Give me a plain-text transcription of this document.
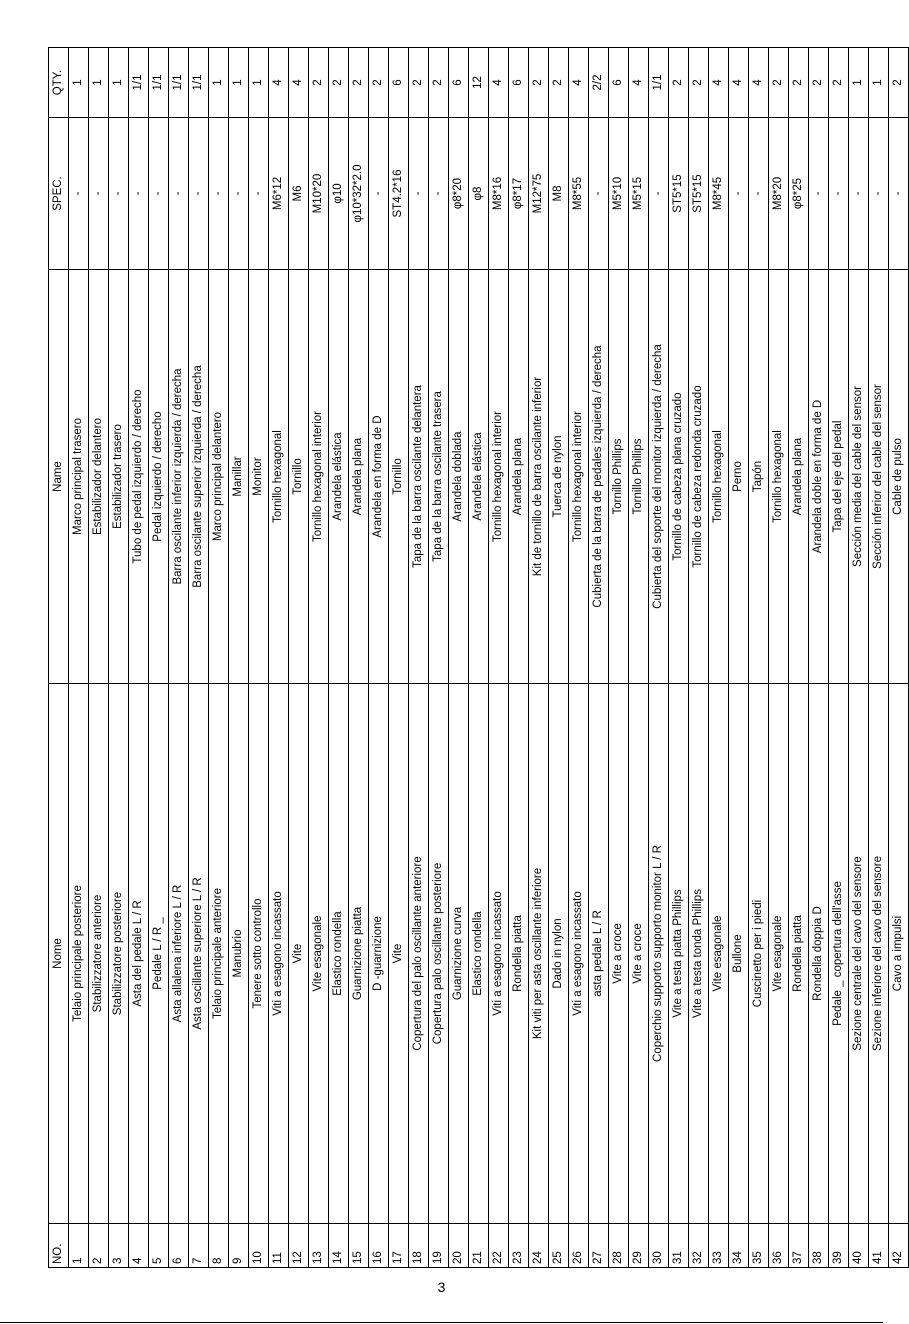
NO.	Nome	Name	SPEC.	QTY.
1	Telaio principale posteriore	Marco principal trasero	-	1
2	Stabilizzatore anteriore	Estabilizador delantero	-	1
3	Stabilizzatore posteriore	Estabilizador trasero	-	1
4	Asta del pedale L / R	Tubo de pedal izquierdo / derecho	-	1/1
5	Pedale L / R _	Pedal izquierdo / derecho	-	1/1
6	Asta allalena inferiore L / R	Barra oscilante inferior izquierda / derecha	-	1/1
7	Asta oscillante superiore L / R	Barra oscilante superior izquierda / derecha	-	1/1
8	Telaio principale anteriore	Marco principal delantero	-	1
9	Manubrio	Manillar	-	1
10	Tenere sotto controllo	Monitor	-	1
11	Viti a esagono incassato	Tornillo hexagonal	M6*12	4
12	Vite	Tornillo	M6	4
13	Vite esagonale	Tornillo hexagonal interior	M10*20	2
14	Elastico rondella	Arandela elástica	φ10	2
15	Guarnizione piatta	Arandela plana	φ10*32*2.0	2
16	D -guarnizione	Arandela en forma de D	-	2
17	Vite	Tornillo	ST4.2*16	6
18	Copertura del palo oscillante anteriore	Tapa de la barra oscilante delantera	-	2
19	Copertura palo oscillante posteriore	Tapa de la barra oscilante trasera	-	2
20	Guarnizione curva	Arandela doblada	φ8*20	6
21	Elastico rondella	Arandela elástica	φ8	12
22	Viti a esagono incassato	Tornillo hexagonal interior	M8*16	4
23	Rondella piatta	Arandela plana	φ8*17	6
24	Kit viti per asta oscillante inferiore	Kit de tornillo de barra oscilante inferior	M12*75	2
25	Dado in nylon	Tuerca de nylon	M8	2
26	Viti a esagono incassato	Tornillo hexagonal interior	M8*55	4
27	asta pedale L / R	Cubierta de la barra de pedales izquierda / derecha	-	2/2
28	Vite a croce	Tornillo Phillips	M5*10	6
29	Vite a croce	Tornillo Phillips	M5*15	4
30	Coperchio supporto supporto monitor L / R	Cubierta del soporte del monitor izquierda / derecha	-	1/1
31	Vite a testa piatta Phillips	Tornillo de cabeza plana cruzado	ST5*15	2
32	Vite a testa tonda Phillips	Tornillo de cabeza redonda cruzado	ST5*15	2
33	Vite esagonale	Tornillo hexagonal	M8*45	4
34	Bullone	Perno	-	4
35	Cuscinetto per i piedi	Tapón	-	4
36	Vite esagonale	Tornillo hexagonal	M8*20	2
37	Rondella piatta	Arandela plana	φ8*25	2
38	Rondella doppia D	Arandela doble en forma de D	-	2
39	Pedale _ copertura dell'asse	Tapa del eje del pedal	-	2
40	Sezione centrale del cavo del sensore	Sección media del cable del sensor	-	1
41	Sezione inferiore del cavo del sensore	Sección inferior del cable del sensor	-	1
42	Cavo a impulsi	Cable de pulso	-	2
3
